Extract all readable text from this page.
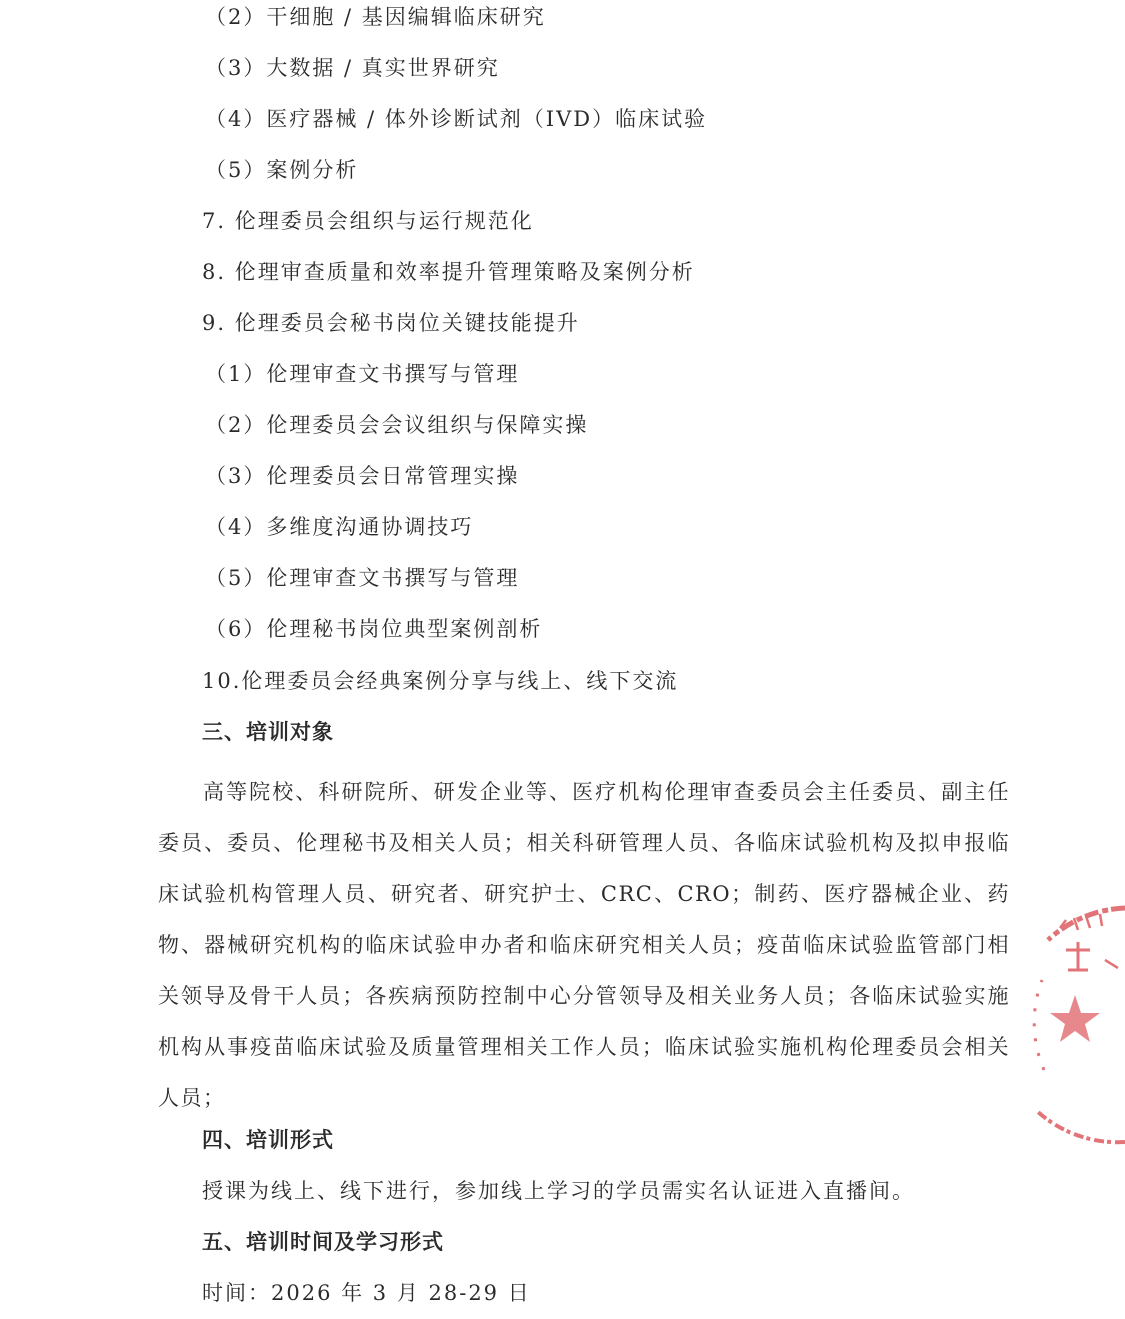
（2）干细胞 / 基因编辑临床研究
（3）大数据 / 真实世界研究
（4）医疗器械 / 体外诊断试剂（IVD）临床试验
（5）案例分析
7. 伦理委员会组织与运行规范化
8. 伦理审查质量和效率提升管理策略及案例分析
9. 伦理委员会秘书岗位关键技能提升
（1）伦理审查文书撰写与管理
（2）伦理委员会会议组织与保障实操
（3）伦理委员会日常管理实操
（4）多维度沟通协调技巧
（5）伦理审查文书撰写与管理
（6）伦理秘书岗位典型案例剖析
10.伦理委员会经典案例分享与线上、线下交流
三、培训对象
高等院校、科研院所、研发企业等、医疗机构伦理审查委员会主任委员、副主任委员、委员、伦理秘书及相关人员；相关科研管理人员、各临床试验机构及拟申报临床试验机构管理人员、研究者、研究护士、CRC、CRO；制药、医疗器械企业、药物、器械研究机构的临床试验申办者和临床研究相关人员；疫苗临床试验监管部门相关领导及骨干人员；各疾病预防控制中心分管领导及相关业务人员；各临床试验实施机构从事疫苗临床试验及质量管理相关工作人员；临床试验实施机构伦理委员会相关人员；
四、培训形式
授课为线上、线下进行，参加线上学习的学员需实名认证进入直播间。
五、培训时间及学习形式
时间：2026 年 3 月 28-29 日
